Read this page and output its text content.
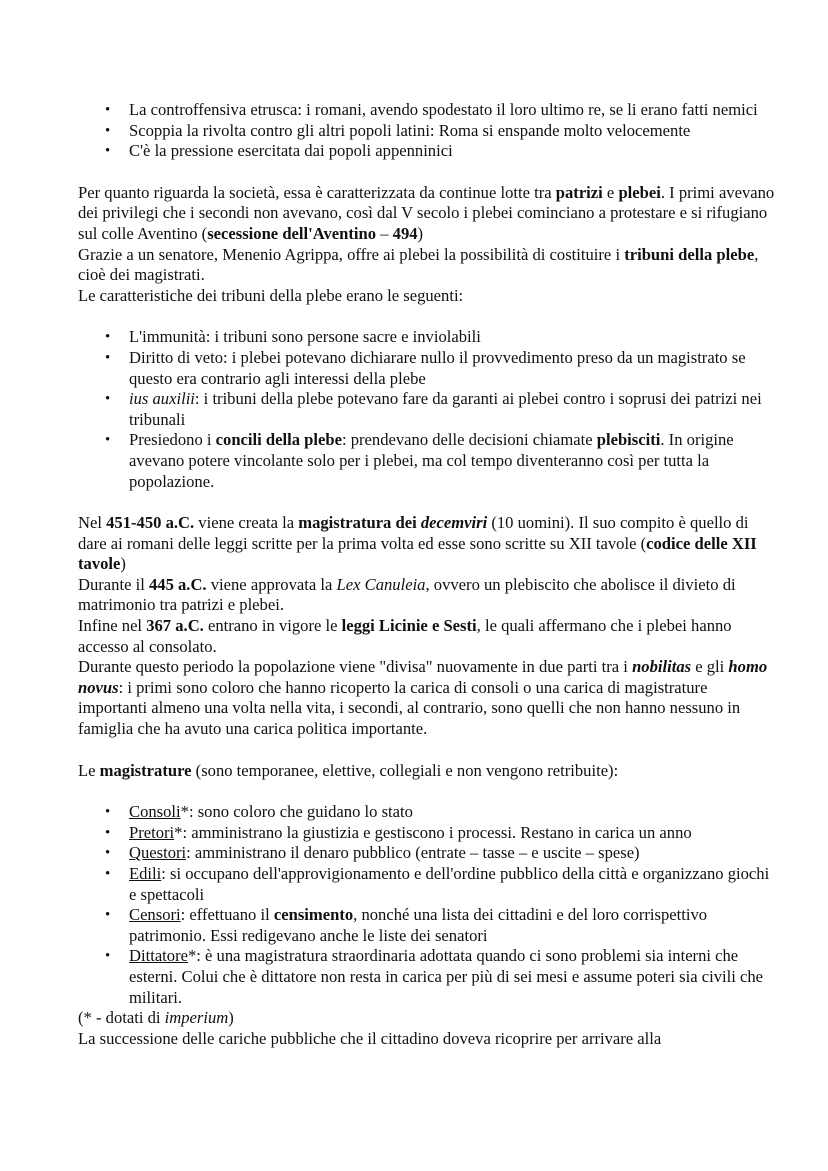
• La controffensiva etrusca: i romani, avendo spodestato il loro ultimo re, se li erano fatti nemici
• Scoppia la rivolta contro gli altri popoli latini: Roma si enspande molto velocemente
• C'è la pressione esercitata dai popoli appenninici

Per quanto riguarda la società, essa è caratterizzata da continue lotte tra patrizi e plebei. I primi avevano dei privilegi che i secondi non avevano, così dal V secolo i plebei cominciano a protestare e si rifugiano sul colle Aventino (secessione dell'Aventino – 494)

Grazie a un senatore, Menenio Agrippa, offre ai plebei la possibilità di costituire i tribuni della plebe, cioè dei magistrati.

Le caratteristiche dei tribuni della plebe erano le seguenti:

• L'immunità: i tribuni sono persone sacre e inviolabili
• Diritto di veto: i plebei potevano dichiarare nullo il provvedimento preso da un magistrato se questo era contrario agli interessi della plebe
• ius auxilii: i tribuni della plebe potevano fare da garanti ai plebei contro i soprusi dei patrizi nei tribunali
• Presiedono i concili della plebe: prendevano delle decisioni chiamate plebisciti. In origine avevano potere vincolante solo per i plebei, ma col tempo diventeranno così per tutta la popolazione.

Nel 451-450 a.C. viene creata la magistratura dei decemviri (10 uomini). Il suo compito è quello di dare ai romani delle leggi scritte per la prima volta ed esse sono scritte su XII tavole (codice delle XII tavole)

Durante il 445 a.C. viene approvata la Lex Canuleia, ovvero un plebiscito che abolisce il divieto di matrimonio tra patrizi e plebei.

Infine nel 367 a.C. entrano in vigore le leggi Licinie e Sesti, le quali affermano che i plebei hanno accesso al consolato.

Durante questo periodo la popolazione viene "divisa" nuovamente in due parti tra i nobilitas e gli homo novus: i primi sono coloro che hanno ricoperto la carica di consoli o una carica di magistrature importanti almeno una volta nella vita, i secondi, al contrario, sono quelli che non hanno nessuno in famiglia che ha avuto una carica politica importante.

Le magistrature (sono temporanee, elettive, collegiali e non vengono retribuite):

• Consoli*: sono coloro che guidano lo stato
• Pretori*: amministrano la giustizia e gestiscono i processi. Restano in carica un anno
• Questori: amministrano il denaro pubblico (entrate – tasse – e uscite – spese)
• Edili: si occupano dell'approvigionamento e dell'ordine pubblico della città e organizzano giochi e spettacoli
• Censori: effettuano il censimento, nonché una lista dei cittadini e del loro corrispettivo patrimonio. Essi redigevano anche le liste dei senatori
• Dittatore*: è una magistratura straordinaria adottata quando ci sono problemi sia interni che esterni. Colui che è dittatore non resta in carica per più di sei mesi e assume poteri sia civili che militari.

(* - dotati di imperium)

La successione delle cariche pubbliche che il cittadino doveva ricoprire per arrivare alla
